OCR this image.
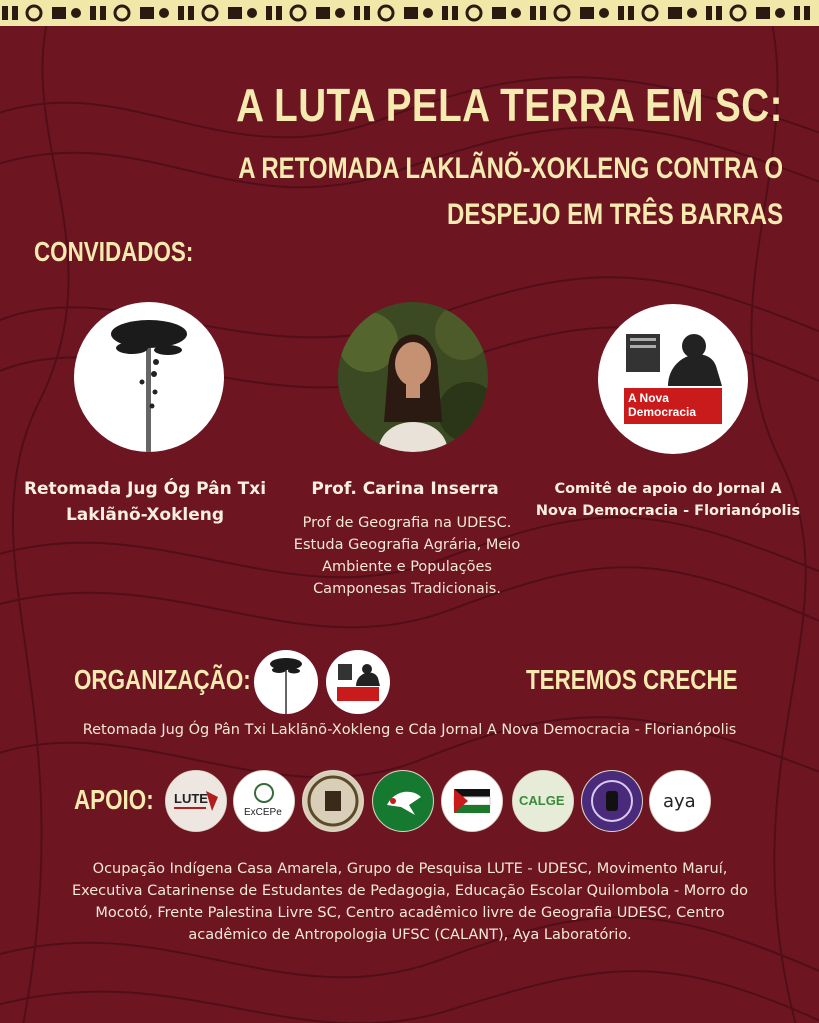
A LUTA PELA TERRA EM SC:
A RETOMADA LAKLÃNÕ-XOKLENG CONTRA O
DESPEJO EM TRÊS BARRAS
CONVIDADOS:
A Nova
Democracia
Retomada Jug Óg Pân Txi
Laklãnõ-Xokleng
Prof. Carina Inserra
Prof de Geografia na UDESC.
Estuda Geografia Agrária, Meio
Ambiente e Populações
Camponesas Tradicionais.
Comitê de apoio do Jornal A
Nova Democracia - Florianópolis
ORGANIZAÇÃO:	TEREMOS CRECHE
Retomada Jug Óg Pân Txi Laklãnõ-Xokleng e Cda Jornal A Nova Democracia - Florianópolis
APOIO: LUTE
ExCEPe
CALGE	aya
Ocupação Indígena Casa Amarela, Grupo de Pesquisa LUTE - UDESC, Movimento Maruí,
Executiva Catarinense de Estudantes de Pedagogia, Educação Escolar Quilombola - Morro do
Mocotó, Frente Palestina Livre SC, Centro acadêmico livre de Geografia UDESC, Centro
acadêmico de Antropologia UFSC (CALANT), Aya Laboratório.
